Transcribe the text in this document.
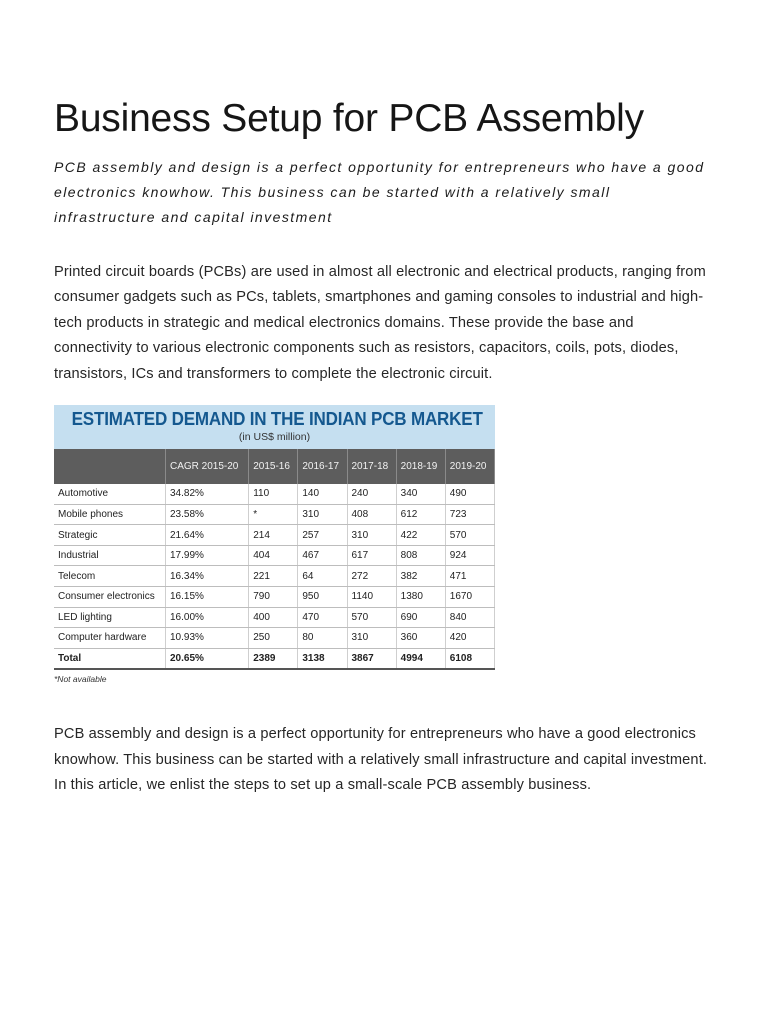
Business Setup for PCB Assembly

PCB assembly and design is a perfect opportunity for entrepreneurs who have a good electronics knowhow. This business can be started with a relatively small infrastructure and capital investment

Printed circuit boards (PCBs) are used in almost all electronic and electrical products, ranging from consumer gadgets such as PCs, tablets, smartphones and gaming consoles to industrial and high-tech products in strategic and medical electronics domains. These provide the base and connectivity to various electronic components such as resistors, capacitors, coils, pots, diodes, transistors, ICs and transformers to complete the electronic circuit.

ESTIMATED DEMAND IN THE INDIAN PCB MARKET
(in US$ million)
	CAGR 2015-20	2015-16	2016-17	2017-18	2018-19	2019-20
Automotive	34.82%	110	140	240	340	490
Mobile phones	23.58%	*	310	408	612	723
Strategic	21.64%	214	257	310	422	570
Industrial	17.99%	404	467	617	808	924
Telecom	16.34%	221	64	272	382	471
Consumer electronics	16.15%	790	950	1140	1380	1670
LED lighting	16.00%	400	470	570	690	840
Computer hardware	10.93%	250	80	310	360	420
Total	20.65%	2389	3138	3867	4994	6108
*Not available

PCB assembly and design is a perfect opportunity for entrepreneurs who have a good electronics knowhow. This business can be started with a relatively small infrastructure and capital investment. In this article, we enlist the steps to set up a small-scale PCB assembly business.
